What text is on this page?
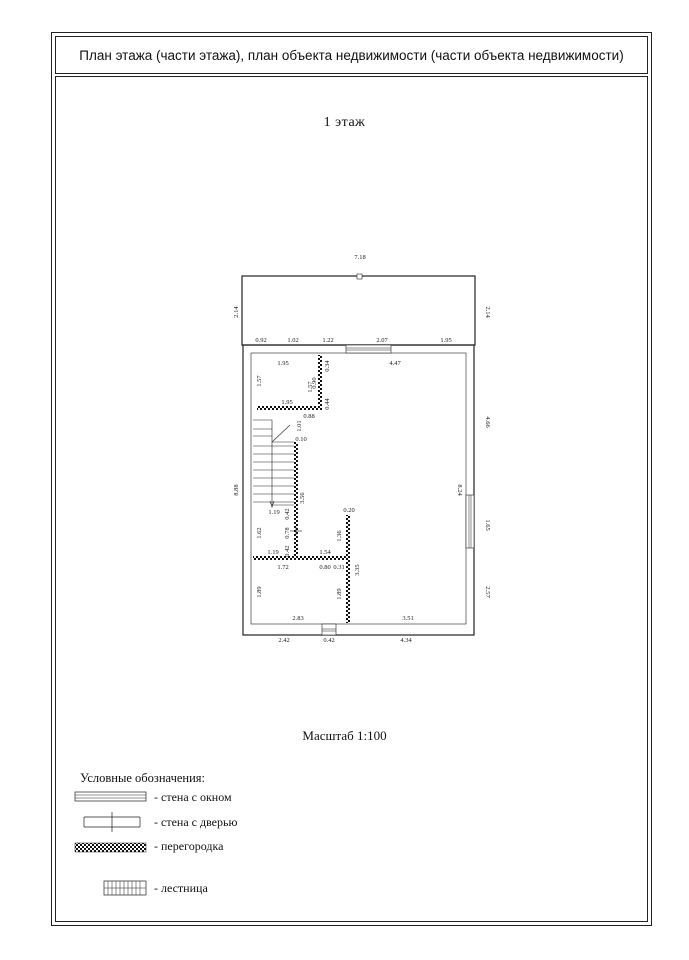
План этажа (части этажа), план объекта недвижимости (части объекта недвижимости)
1 этаж
7.18
2.14	2.14
0.92	1.02	1.22	2.07	1.95
1.95	4.47
0.34
1.57	0.90
1.57
1.95	0.44
0.88
1.01
0.10
4.66
8.88	8.24
3.56
0.20
1.19 0.42
1.62	0.78	1.36
1.65
1.19 0.42	1.54
1.72	0.80 0.31 3.35
1.89	1.89	2.57
2.83	3.51
2.42	0.42	4.34
Масштаб 1:100
Условные обозначения:
- стена с окном
- стена с дверью
- перегородка
- лестница
